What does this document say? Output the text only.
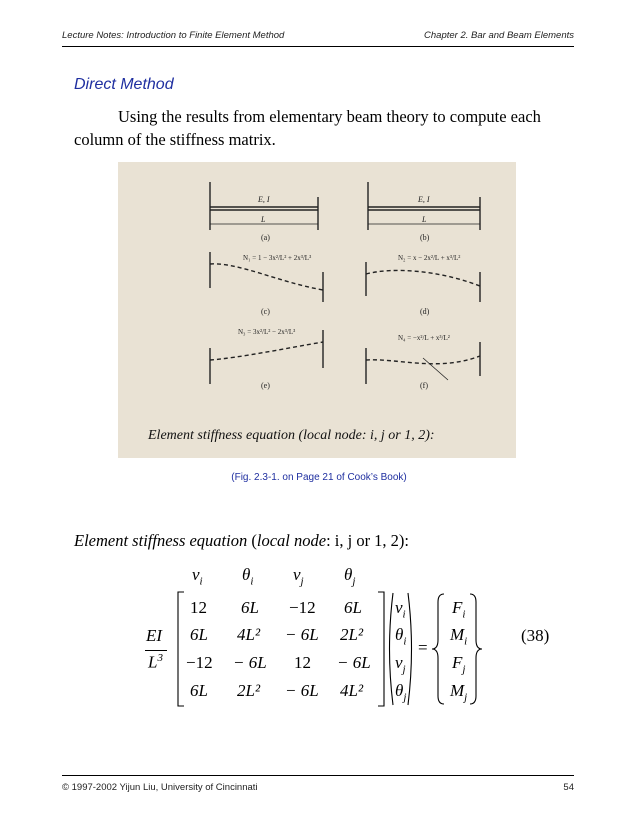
Lecture Notes: Introduction to Finite Element Method	Chapter 2. Bar and Beam Elements
Direct Method
Using the results from elementary beam theory to compute each column of the stiffness matrix.
E, I
L
E, I
L
(a)	(b)
(c)	(d)
(e)	(f)
N₁ = 1 − 3x²/L² + 2x³/L³	N₂ = x − 2x²/L + x³/L²
N₃ = 3x²/L² − 2x³/L³
N₄ = −x²/L + x³/L²
Element stiffness equation (local node: i, j or 1, 2):
(Fig. 2.3-1. on Page 21 of Cook’s Book)
Element stiffness equation (local node: i, j or 1, 2):
$v_i$ $\theta_i$ $v_j$ $\theta_j$
EI
$L^3$
12 6L −12 6L
6L 4L² − 6L 2L²
−12 − 6L 12 − 6L
6L 2L² − 6L 4L²
$v_i$
$\theta_i$
$v_j$
$\theta_j$
=
$F_i$
$M_i$
$F_j$
$M_j$
(38)
© 1997-2002 Yijun Liu, University of Cincinnati	54
